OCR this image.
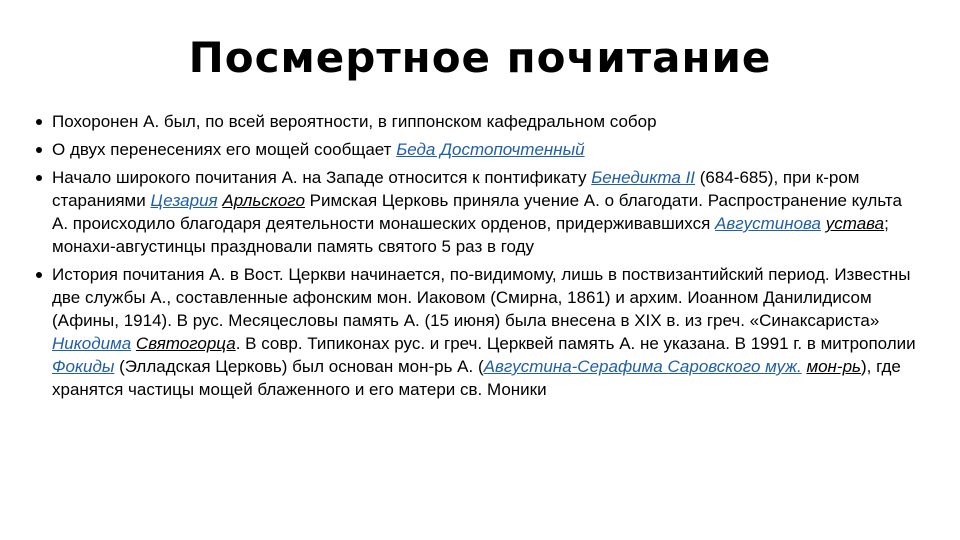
Посмертное почитание
Похоронен А. был, по всей вероятности, в гиппонском кафедральном собор
О двух перенесениях его мощей сообщает Беда Достопочтенный
Начало широкого почитания А. на Западе относится к понтификату Бенедикта II (684-685), при к-ром стараниями Цезария Арльского Римская Церковь приняла учение А. о благодати. Распространение культа А. происходило благодаря деятельности монашеских орденов, придерживавшихся Августинова устава; монахи-августинцы праздновали память святого 5 раз в году
История почитания А. в Вост. Церкви начинается, по-видимому, лишь в поствизантийский период. Известны две службы А., составленные афонским мон. Иаковом (Смирна, 1861) и архим. Иоанном Данилидисом (Афины, 1914). В рус. Месяцесловы память А. (15 июня) была внесена в XIX в. из греч. «Синаксариста» Никодима Святогорца. В совр. Типиконах рус. и греч. Церквей память А. не указана. В 1991 г. в митрополии Фокиды (Элладская Церковь) был основан мон-рь А. (Августина-Серафима Саровского муж. мон-рь), где хранятся частицы мощей блаженного и его матери св. Моники
